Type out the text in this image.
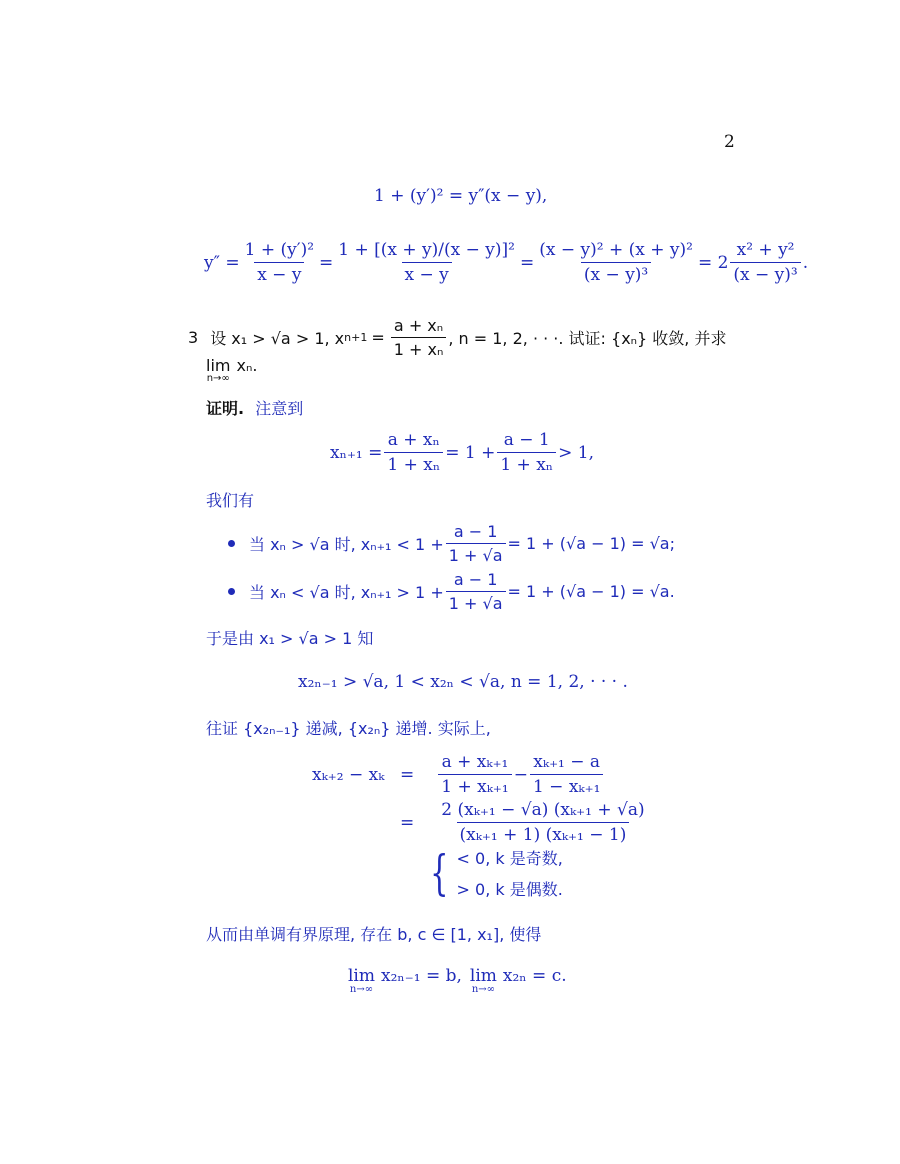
2
1 + (y′)² = y″(x − y),
$y'' = \frac{\text{1 + (y′)²}}{x - y} = \frac{\text{1 + [(x + y)/(x − y)]²}}{x - y} = \frac{\text{(x − y)² + (x + y)²}}{\text{(x − y)³}} = 2 \frac{\text{x² + y²}}{\text{(x − y)³}}$ .
3 设 x₁ > √a > 1, x $n+1 = \frac{\text{a + xₙ}}{\text{1 + xₙ}}$ , n = 1, 2, · · ·. 试证: {xₙ} 收敛, 并求
lim
n→∞
xₙ.
证明. 注意到
$x_{n+1} = \frac{\text{a + xₙ}}{\text{1 + xₙ}} = 1 + \frac{a - 1}{\text{1 + xₙ}} > 1$,
我们有
当 xₙ > √a 时, $x_{n+1} < 1 + \frac{a - 1}{1 + √a} = 1 + (√a - 1) = √a$;
当 xₙ < √a 时, $x_{n+1} > 1 + \frac{a - 1}{1 + √a} = 1 + (√a - 1) = √a$.
于是由 x₁ > √a > 1 知
x₂ₙ₋₁ > √a, 1 < x₂ₙ < √a, n = 1, 2, · · · .
往证 {x₂ₙ₋₁} 递减, {x₂ₙ} 递增. 实际上,
$x_{k+2} - x_k = \frac{\text{a + xₖ₊₁}}{\text{1 + xₖ₊₁}} - \frac{\text{xₖ₊₁ − a}}{\text{1 − xₖ₊₁}}$
= $\frac{\text{2 (xₖ₊₁ − √a) (xₖ₊₁ + √a)}}{\text{(xₖ₊₁ + 1) (xₖ₊₁ − 1)}}$
{ < 0, k 是奇数,
> 0, k 是偶数.
从而由单调有界原理, 存在 b, c ∈ [1, x₁], 使得
lim
n→∞
x₂ₙ₋₁ = b, lim
n→∞
x₂ₙ = c.
